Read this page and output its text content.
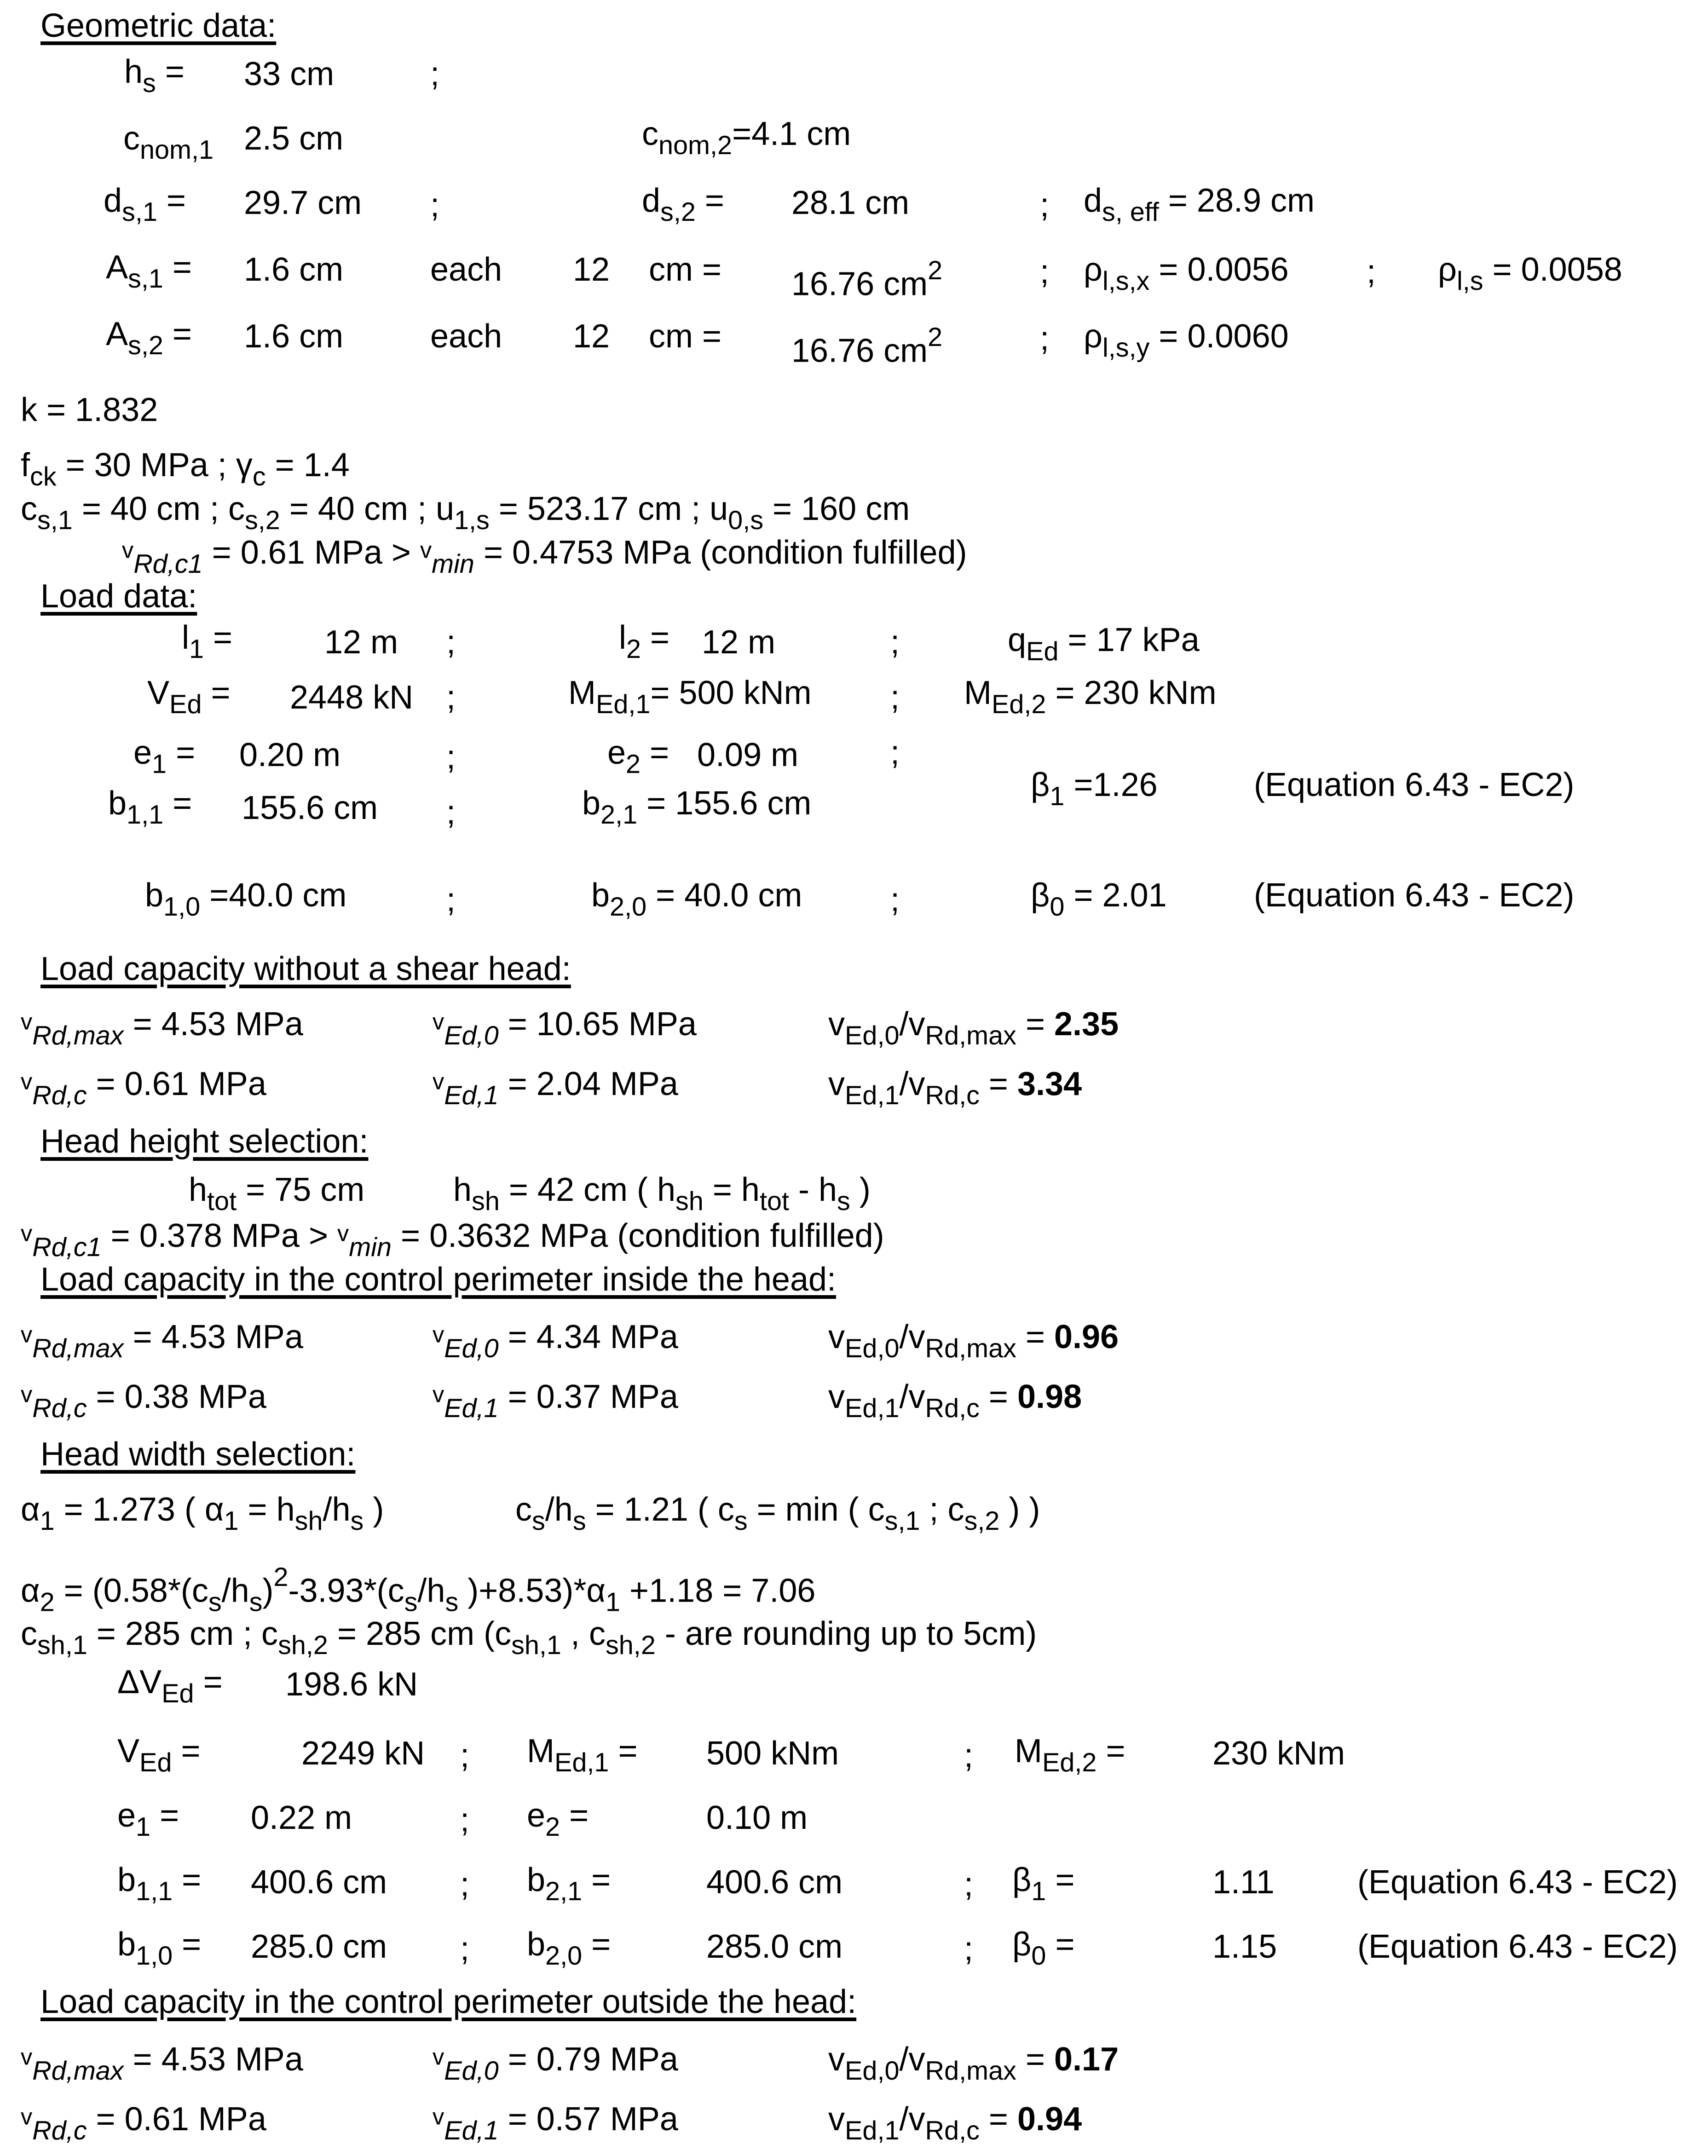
Geometric data:
$h_s = 33$ cm	;
$c_{nom,1}$ 2.5 cm	$c_{nom,2}=4.1$ cm
$d_{s,1} = 29.7$ cm ;	$d_{s,2} = 28.1$ cm	; $d_{s, eff} = 28.9$ cm
$A_{s,1} = 1.6$ cm	each 12 cm = 16.76 $cm^2$	; $\rho_{l,s,x} = 0.0056$ ; $\rho_{l,s} = 0.0058$
$A_{s,2} = 1.6$ cm	each 12 cm = 16.76 $cm^2$	; $\rho_{l,s,y} = 0.0060$
k = 1.832
$f_{ck} = 30$ MPa ; $\gamma_c = 1.4$
$c_{s,1} = 40$ cm ; $c_{s,2} = 40$ cm ; $u_{1,s} = 523.17$ cm ; $u_{0,s} = 160$ cm
$v_{Rd,c1} = 0.61$ MPa > $v_{min} = 0.4753$ MPa (condition fulfilled)
Load data:
$l_1$ =	12 m ;	$l_2 = 12$ m	;	$q_{Ed} = 17$ kPa
$V_{Ed} = 2448$ kN ;	$M_{Ed,1}= 500$ kNm ; $M_{Ed,2} = 230$ kNm
$e_1 = 0.20$ m	;	$e_2 = 0.09$ m	;
$\beta_1 =1.26$	(Equation 6.43 - EC2)
$b_{1,1} = 155.6$ cm ;	$b_{2,1} = 155.6$ cm
$b_{1,0} =40.0$ cm	;	$b_{2,0} = 40.0$ cm	;	$\beta_0 = 2.01$	(Equation 6.43 - EC2)
Load capacity without a shear head:
$v_{Rd,max} = 4.53$ MPa	$v_{Ed,0} = 10.65$ MPa	$v_{Ed,0}/v_{Rd,max} = 2.35$
$v_{Rd,c} = 0.61$ MPa	$v_{Ed,1} = 2.04$ MPa	$v_{Ed,1}/v_{Rd,c} = 3.34$
Head height selection:
$h_{tot} = 75$ cm	$h_{sh} = 42$ cm ( $h_{sh} = h_{tot} - h_s$ )
$v_{Rd,c1} = 0.378$ MPa > $v_{min} = 0.3632$ MPa (condition fulfilled)
Load capacity in the control perimeter inside the head:
$v_{Rd,max} = 4.53$ MPa	$v_{Ed,0} = 4.34$ MPa	$v_{Ed,0}/v_{Rd,max} = 0.96$
$v_{Rd,c} = 0.38$ MPa	$v_{Ed,1} = 0.37$ MPa	$v_{Ed,1}/v_{Rd,c} = 0.98$
Head width selection:
$\alpha_1 = 1.273$ ( $\alpha_1 = h_{sh}/h_s$ )	$c_s/h_s = 1.21$ ( $c_s = \min$ ( $c_{s,1}$ ; $c_{s,2}$ ) )
$\alpha_2 = (0.58*(c_s/h_s)^2-3.93*(c_s/h_s$ )$+8.53)*\alpha_1 +1.18 = 7.06$
$c_{sh,1} = 285$ cm ; $c_{sh,2} = 285$ cm ($c_{sh,1}$ , $c_{sh,2}$ - are rounding up to 5cm)
$\Delta V_{Ed} = 198.6$ kN
$V_{Ed}$ =	2249 kN ; $M_{Ed,1} = 500$ kNm	; $M_{Ed,2}$ =	230 kNm
$e_1 = 0.22$ m	; $e_2$ =	0.10 m
$b_{1,1} = 400.6$ cm ; $b_{2,1}$ =	400.6 cm	; $\beta_1$ =	1.11	(Equation 6.43 - EC2)
$b_{1,0} = 285.0$ cm ; $b_{2,0}$ =	285.0 cm	; $\beta_0$ =	1.15 (Equation 6.43 - EC2)
Load capacity in the control perimeter outside the head:
$v_{Rd,max} = 4.53$ MPa	$v_{Ed,0} = 0.79$ MPa	$v_{Ed,0}/v_{Rd,max} = 0.17$
$v_{Rd,c} = 0.61$ MPa	$v_{Ed,1} = 0.57$ MPa	$v_{Ed,1}/v_{Rd,c} = 0.94$
